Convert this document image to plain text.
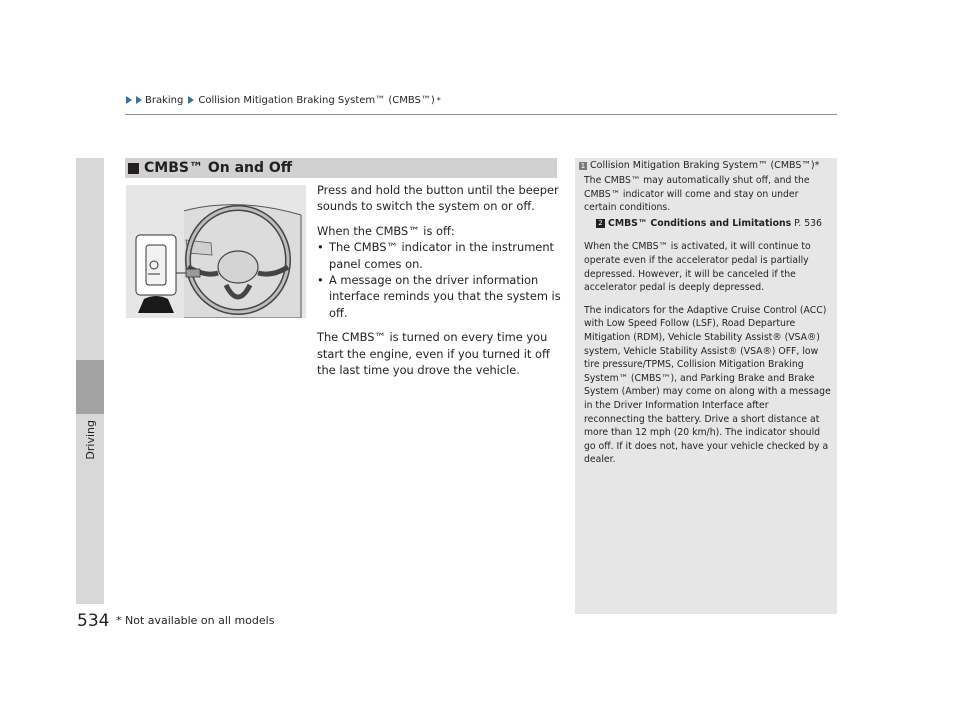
Braking Collision Mitigation Braking System™ (CMBS™) *
Driving
CMBS™ On and Off

Press and hold the button until the beeper sounds to switch the system on or off.

When the CMBS™ is off:

• The CMBS™ indicator in the instrument panel comes on.
• A message on the driver information interface reminds you that the system is off.

The CMBS™ is turned on every time you start the engine, even if you turned it off the last time you drove the vehicle.

1 Collision Mitigation Braking System™ (CMBS™)*

The CMBS™ may automatically shut off, and the CMBS™ indicator will come and stay on under certain conditions.

2 CMBS™ Conditions and Limitations P. 536

When the CMBS™ is activated, it will continue to operate even if the accelerator pedal is partially depressed. However, it will be canceled if the accelerator pedal is deeply depressed.

The indicators for the Adaptive Cruise Control (ACC) with Low Speed Follow (LSF), Road Departure Mitigation (RDM), Vehicle Stability Assist® (VSA®) system, Vehicle Stability Assist® (VSA®) OFF, low tire pressure/TPMS, Collision Mitigation Braking System™ (CMBS™), and Parking Brake and Brake System (Amber) may come on along with a message in the Driver Information Interface after reconnecting the battery. Drive a short distance at more than 12 mph (20 km/h). The indicator should go off. If it does not, have your vehicle checked by a dealer.

534 * Not available on all models
